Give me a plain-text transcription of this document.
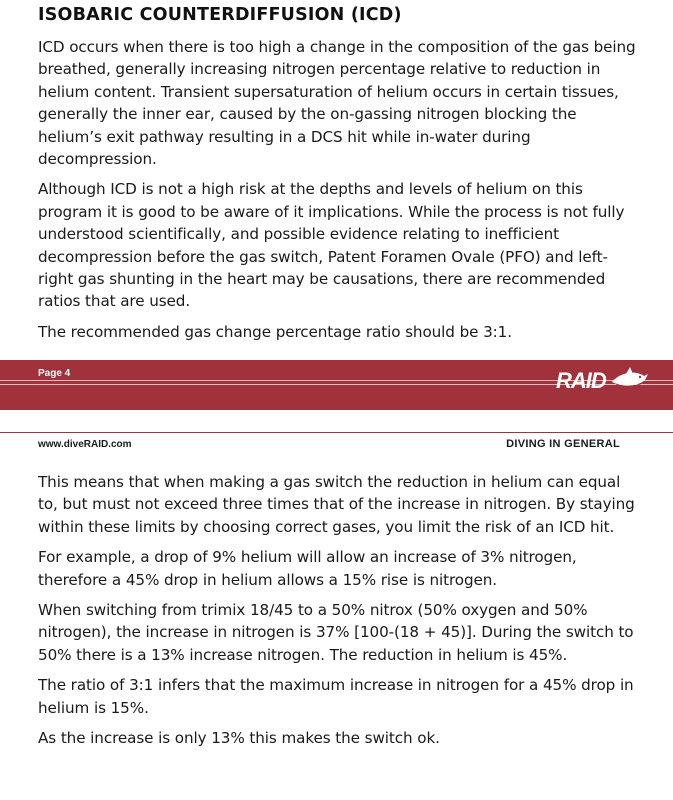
ISOBARIC COUNTERDIFFUSION (ICD)

ICD occurs when there is too high a change in the composition of the gas being breathed, generally increasing nitrogen percentage relative to reduction in helium content. Transient supersaturation of helium occurs in certain tissues, generally the inner ear, caused by the on-gassing nitrogen blocking the helium’s exit pathway resulting in a DCS hit while in-water during decompression.

Although ICD is not a high risk at the depths and levels of helium on this program it is good to be aware of it implications. While the process is not fully understood scientifically, and possible evidence relating to inefficient decompression before the gas switch, Patent Foramen Ovale (PFO) and left-right gas shunting in the heart may be causations, there are recommended ratios that are used.

The recommended gas change percentage ratio should be 3:1.

Page 4	RAID
www.diveRAID.com	DIVING IN GENERAL

This means that when making a gas switch the reduction in helium can equal to, but must not exceed three times that of the increase in nitrogen. By staying within these limits by choosing correct gases, you limit the risk of an ICD hit.

For example, a drop of 9% helium will allow an increase of 3% nitrogen, therefore a 45% drop in helium allows a 15% rise is nitrogen.

When switching from trimix 18/45 to a 50% nitrox (50% oxygen and 50% nitrogen), the increase in nitrogen is 37% [100-(18 + 45)]. During the switch to 50% there is a 13% increase nitrogen. The reduction in helium is 45%.

The ratio of 3:1 infers that the maximum increase in nitrogen for a 45% drop in helium is 15%.

As the increase is only 13% this makes the switch ok.
